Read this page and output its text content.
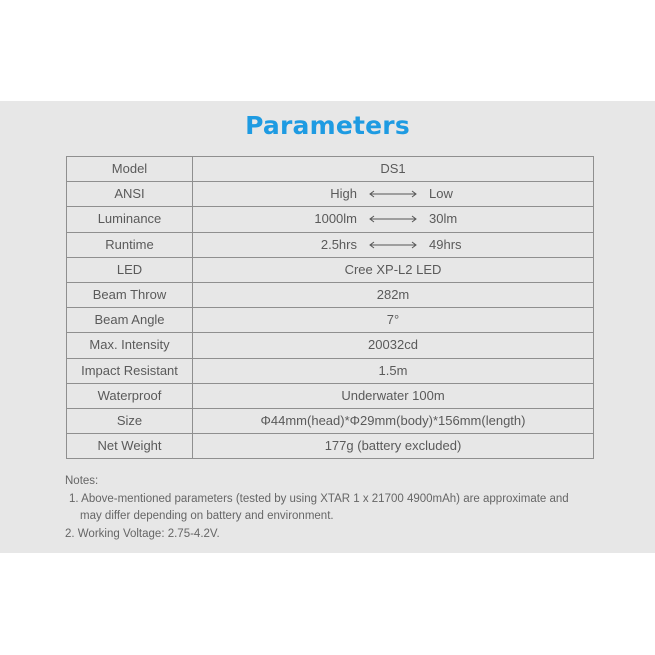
Parameters
Model	DS1
ANSI	High Low

Luminance	1000lm 30lm

Runtime	2.5hrs 49hrs

LED	Cree XP-L2 LED
Beam Throw	282m
Beam Angle	7°
Max. Intensity	20032cd
Impact Resistant	1.5m
Waterproof	Underwater 100m
Size	Φ44mm(head)*Φ29mm(body)*156mm(length)
Net Weight	177g (battery excluded)
Notes:
1. Above-mentioned parameters (tested by using XTAR 1 x 21700 4900mAh) are approximate and
may differ depending on battery and environment.
2. Working Voltage: 2.75-4.2V.
